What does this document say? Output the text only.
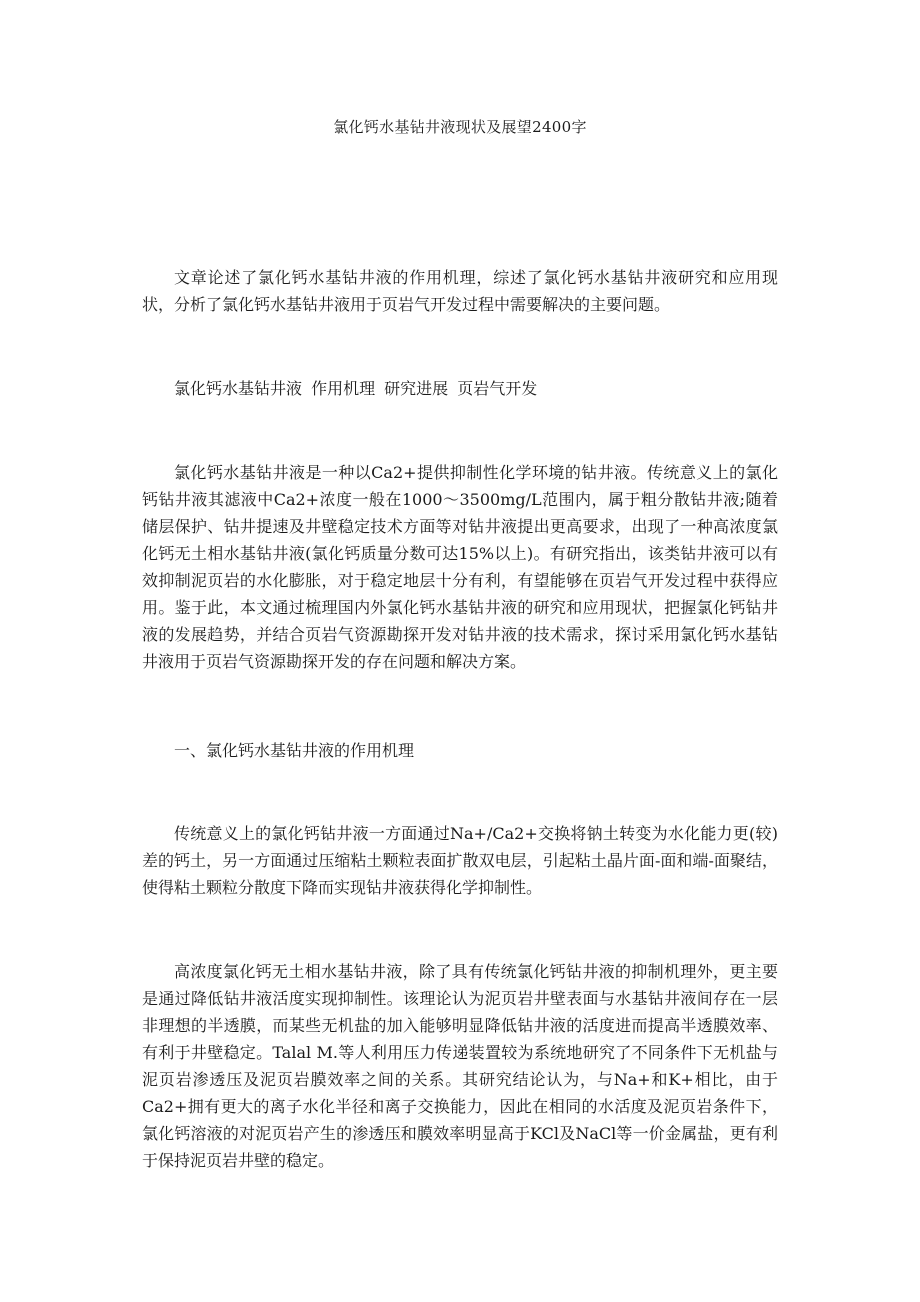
氯化钙水基钻井液现状及展望2400字

文章论述了氯化钙水基钻井液的作用机理，综述了氯化钙水基钻井液研究和应用现状，分析了氯化钙水基钻井液用于页岩气开发过程中需要解决的主要问题。

氯化钙水基钻井液 作用机理 研究进展 页岩气开发

氯化钙水基钻井液是一种以Ca2+提供抑制性化学环境的钻井液。传统意义上的氯化钙钻井液其滤液中Ca2+浓度一般在1000～3500mg/L范围内，属于粗分散钻井液;随着储层保护、钻井提速及井壁稳定技术方面等对钻井液提出更高要求，出现了一种高浓度氯化钙无土相水基钻井液(氯化钙质量分数可达15%以上)。有研究指出，该类钻井液可以有效抑制泥页岩的水化膨胀，对于稳定地层十分有利，有望能够在页岩气开发过程中获得应用。鉴于此，本文通过梳理国内外氯化钙水基钻井液的研究和应用现状，把握氯化钙钻井液的发展趋势，并结合页岩气资源勘探开发对钻井液的技术需求，探讨采用氯化钙水基钻井液用于页岩气资源勘探开发的存在问题和解决方案。

一、氯化钙水基钻井液的作用机理

传统意义上的氯化钙钻井液一方面通过Na+/Ca2+交换将钠土转变为水化能力更(较)差的钙土，另一方面通过压缩粘土颗粒表面扩散双电层，引起粘土晶片面-面和端-面聚结，使得粘土颗粒分散度下降而实现钻井液获得化学抑制性。

高浓度氯化钙无土相水基钻井液，除了具有传统氯化钙钻井液的抑制机理外，更主要是通过降低钻井液活度实现抑制性。该理论认为泥页岩井壁表面与水基钻井液间存在一层非理想的半透膜，而某些无机盐的加入能够明显降低钻井液的活度进而提高半透膜效率、有利于井壁稳定。Talal M.等人利用压力传递装置较为系统地研究了不同条件下无机盐与泥页岩渗透压及泥页岩膜效率之间的关系。其研究结论认为，与Na+和K+相比，由于Ca2+拥有更大的离子水化半径和离子交换能力，因此在相同的水活度及泥页岩条件下，氯化钙溶液的对泥页岩产生的渗透压和膜效率明显高于KCl及NaCl等一价金属盐，更有利于保持泥页岩井壁的稳定。
